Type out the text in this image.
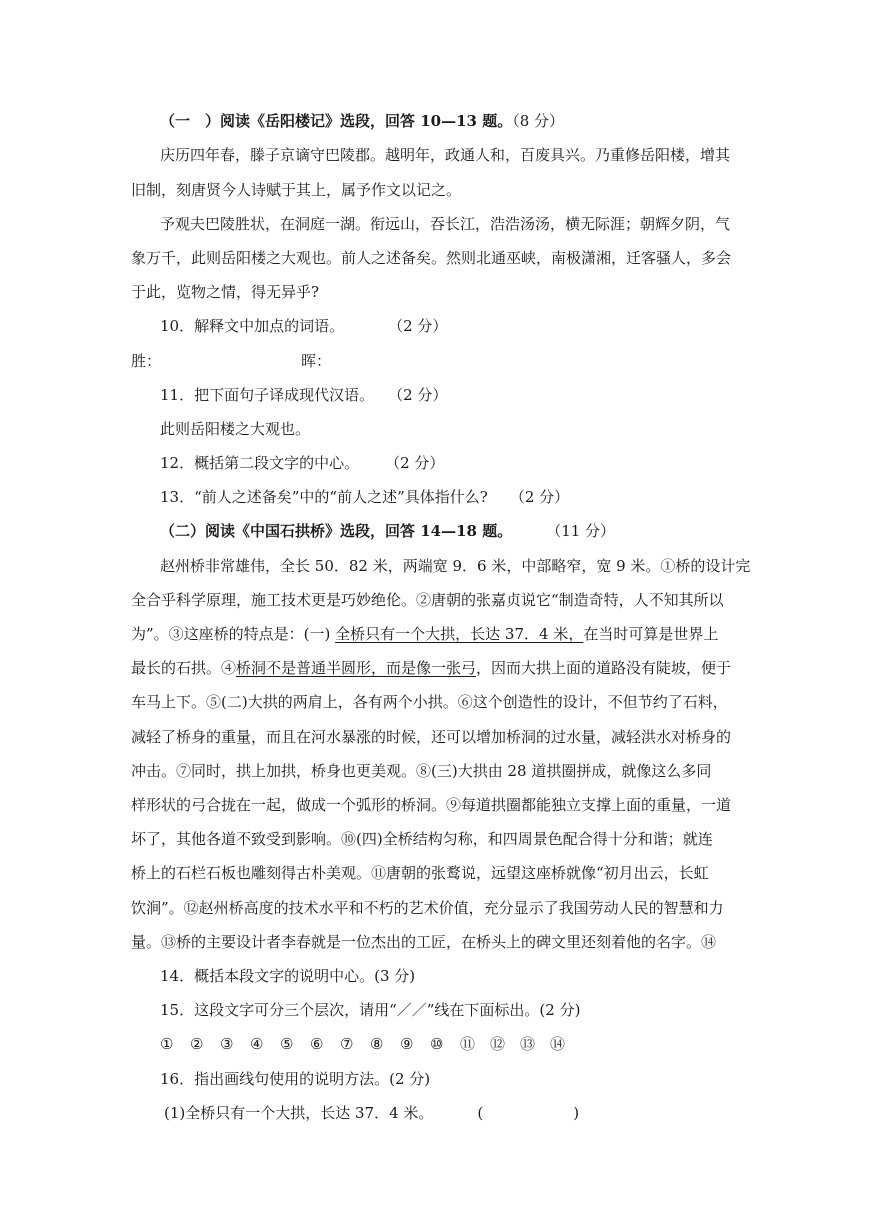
（一　）阅读《岳阳楼记》选段，回答 10—13 题。（8 分）
庆历四年春，滕子京谪守巴陵郡。越明年，政通人和，百废具兴。乃重修岳阳楼，增其
旧制，刻唐贤今人诗赋于其上，属予作文以记之。
予观夫巴陵胜状，在洞庭一湖。衔远山，吞长江，浩浩汤汤，横无际涯；朝辉夕阴，气
象万千，此则岳阳楼之大观也。前人之述备矣。然则北通巫峡，南极潇湘，迁客骚人，多会
于此，览物之情，得无异乎?
10．解释文中加点的词语。	（2 分）
胜：	晖：
11．把下面句子译成现代汉语。 （2 分）
此则岳阳楼之大观也。
12．概括第二段文字的中心。 （2 分）
13．“前人之述备矣”中的“前人之述”具体指什么? （2 分）
（二）阅读《中国石拱桥》选段，回答 14—18 题。 （11 分）
赵州桥非常雄伟，全长 50．82 米，两端宽 9．6 米，中部略窄，宽 9 米。①桥的设计完
全合乎科学原理，施工技术更是巧妙绝伦。②唐朝的张嘉贞说它“制造奇特，人不知其所以
为”。③这座桥的特点是：(一) 全桥只有一个大拱，长达 37．4 米，在当时可算是世界上
最长的石拱。④桥洞不是普通半圆形，而是像一张弓，因而大拱上面的道路没有陡坡，便于
车马上下。⑤(二)大拱的两肩上，各有两个小拱。⑥这个创造性的设计，不但节约了石料，
减轻了桥身的重量，而且在河水暴涨的时候，还可以增加桥洞的过水量，减轻洪水对桥身的
冲击。⑦同时，拱上加拱，桥身也更美观。⑧(三)大拱由 28 道拱圈拼成，就像这么多同
样形状的弓合拢在一起，做成一个弧形的桥洞。⑨每道拱圈都能独立支撑上面的重量，一道
坏了，其他各道不致受到影响。⑩(四)全桥结构匀称，和四周景色配合得十分和谐；就连
桥上的石栏石板也雕刻得古朴美观。⑪唐朝的张鹜说，远望这座桥就像“初月出云，长虹
饮涧”。⑫赵州桥高度的技术水平和不朽的艺术价值，充分显示了我国劳动人民的智慧和力
量。⑬桥的主要设计者李春就是一位杰出的工匠，在桥头上的碑文里还刻着他的名字。⑭
14．概括本段文字的说明中心。(3 分)
15．这段文字可分三个层次，请用“／／”线在下面标出。(2 分)
① ② ③ ④ ⑤ ⑥ ⑦ ⑧ ⑨ ⑩ ⑪ ⑫ ⑬ ⑭
16．指出画线句使用的说明方法。(2 分)
(1)全桥只有一个大拱，长达 37．4 米。	(　　　　　　)
